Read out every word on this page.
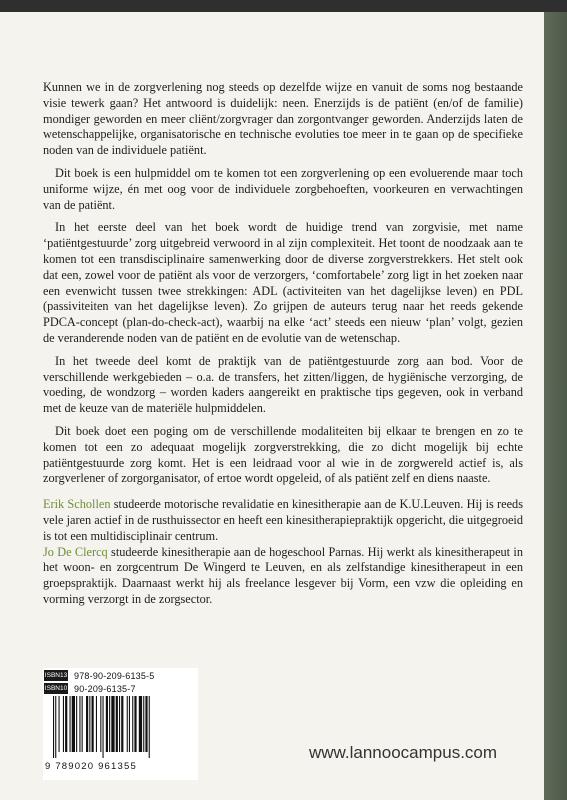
Kunnen we in de zorgverlening nog steeds op dezelfde wijze en vanuit de soms nog bestaande visie tewerk gaan? Het antwoord is duidelijk: neen. Enerzijds is de patiënt (en/of de familie) mondiger geworden en meer cliënt/zorgvrager dan zorgontvanger geworden. Anderzijds laten de wetenschappelijke, organisatorische en technische evoluties toe meer in te gaan op de specifieke noden van de individuele patiënt.

Dit boek is een hulpmiddel om te komen tot een zorgverlening op een evoluerende maar toch uniforme wijze, én met oog voor de individuele zorgbehoeften, voorkeuren en verwachtingen van de patiënt.

In het eerste deel van het boek wordt de huidige trend van zorgvisie, met name ‘patiëntgestuurde’ zorg uitgebreid verwoord in al zijn complexiteit. Het toont de noodzaak aan te komen tot een transdisciplinaire samenwerking door de diverse zorgverstrekkers. Het stelt ook dat een, zowel voor de patiënt als voor de verzorgers, ‘comfortabele’ zorg ligt in het zoeken naar een evenwicht tussen twee strekkingen: ADL (activiteiten van het dagelijkse leven) en PDL (passiviteiten van het dagelijkse leven). Zo grijpen de auteurs terug naar het reeds gekende PDCA-concept (plan-do-check-act), waarbij na elke ‘act’ steeds een nieuw ‘plan’ volgt, gezien de veranderende noden van de patiënt en de evolutie van de wetenschap.

In het tweede deel komt de praktijk van de patiëntgestuurde zorg aan bod. Voor de verschillende werkgebieden – o.a. de transfers, het zitten/liggen, de hygiënische verzorging, de voeding, de wondzorg – worden kaders aangereikt en praktische tips gegeven, ook in verband met de keuze van de materiële hulpmiddelen.

Dit boek doet een poging om de verschillende modaliteiten bij elkaar te brengen en zo te komen tot een zo adequaat mogelijk zorgverstrekking, die zo dicht mogelijk bij echte patiëntgestuurde zorg komt. Het is een leidraad voor al wie in de zorgwereld actief is, als zorgverlener of zorgorganisator, of ertoe wordt opgeleid, of als patiënt zelf en diens naaste.

Erik Schollen studeerde motorische revalidatie en kinesitherapie aan de K.U.Leuven. Hij is reeds vele jaren actief in de rusthuissector en heeft een kinesitherapiepraktijk opgericht, die uitgegroeid is tot een multidisciplinair centrum.

Jo De Clercq studeerde kinesitherapie aan de hogeschool Parnas. Hij werkt als kinesitherapeut in het woon- en zorgcentrum De Wingerd te Leuven, en als zelfstandige kinesitherapeut in een groepspraktijk. Daarnaast werkt hij als freelance lesgever bij Vorm, een vzw die opleiding en vorming verzorgt in de zorgsector.

ISBN13 978-90-209-6135-5
ISBN10 90-209-6135-7
9 789020 961355
www.lannoocampus.com
